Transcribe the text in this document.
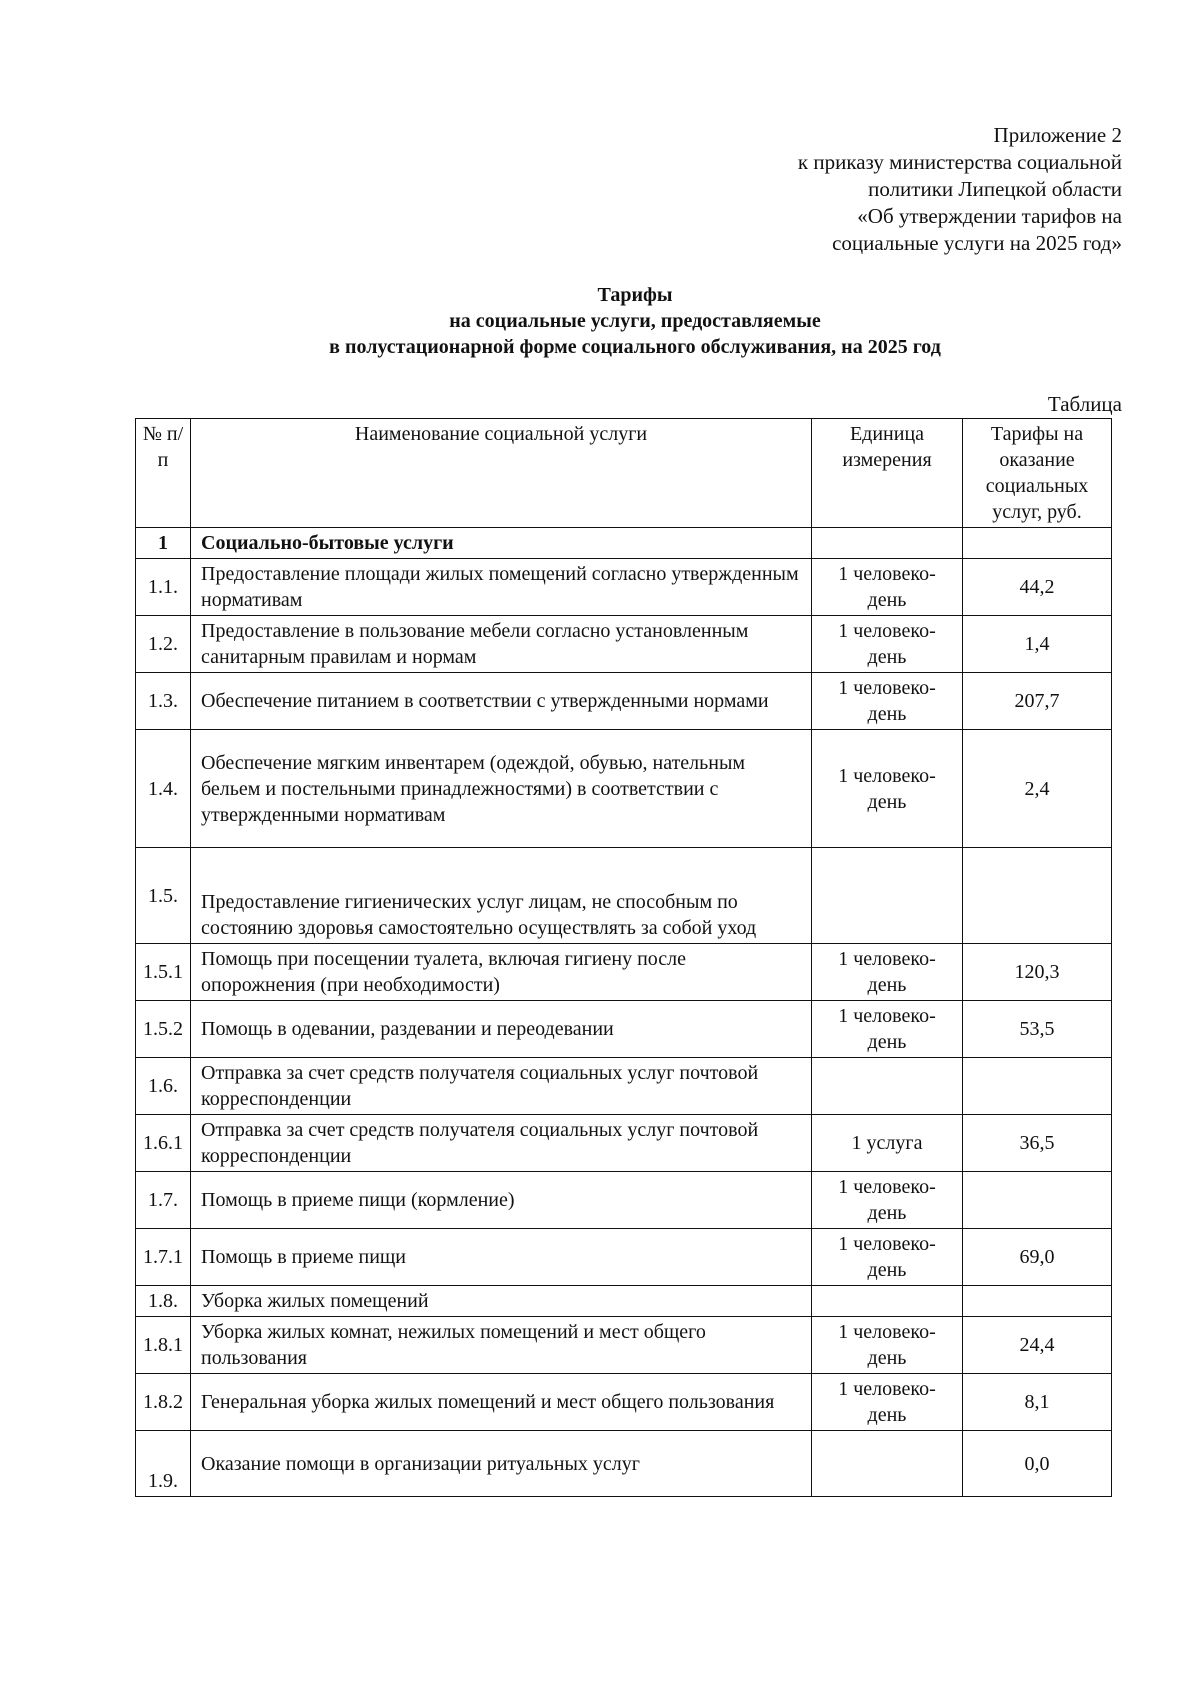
Приложение 2
к приказу министерства социальной
политики Липецкой области
«Об утверждении тарифов на
социальные услуги на 2025 год»
Тарифы
на социальные услуги, предоставляемые
в полустационарной форме социального обслуживания, на 2025 год
Таблица
№ п/п	Наименование социальной услуги	Единица измерения	Тарифы на оказание социальных услуг, руб.
1	Социально-бытовые услуги		
1.1.	Предоставление площади жилых помещений согласно утвержденным нормативам	1 человеко-день	44,2
1.2.	Предоставление в пользование мебели согласно установленным санитарным правилам и нормам	1 человеко-день	1,4
1.3.	Обеспечение питанием в соответствии с утвержденными нормами	1 человеко-день	207,7
1.4.	Обеспечение мягким инвентарем (одеждой, обувью, нательным бельем и постельными принадлежностями) в соответствии с утвержденными нормативам	1 человеко-день	2,4
1.5.	Предоставление гигиенических услуг лицам, не способным по состоянию здоровья самостоятельно осуществлять за собой уход		
1.5.1	Помощь при посещении туалета, включая гигиену после опорожнения (при необходимости)	1 человеко-день	120,3
1.5.2	Помощь в одевании, раздевании и переодевании	1 человеко-день	53,5
1.6.	Отправка за счет средств получателя социальных услуг почтовой корреспонденции		
1.6.1	Отправка за счет средств получателя социальных услуг почтовой корреспонденции	1 услуга	36,5
1.7.	Помощь в приеме пищи (кормление)	1 человеко-день	
1.7.1	Помощь в приеме пищи	1 человеко-день	69,0
1.8.	Уборка жилых помещений		
1.8.1	Уборка жилых комнат, нежилых помещений и мест общего пользования	1 человеко-день	24,4
1.8.2	Генеральная уборка жилых помещений и мест общего пользования	1 человеко-день	8,1
1.9.	Оказание помощи в организации ритуальных услуг		0,0
